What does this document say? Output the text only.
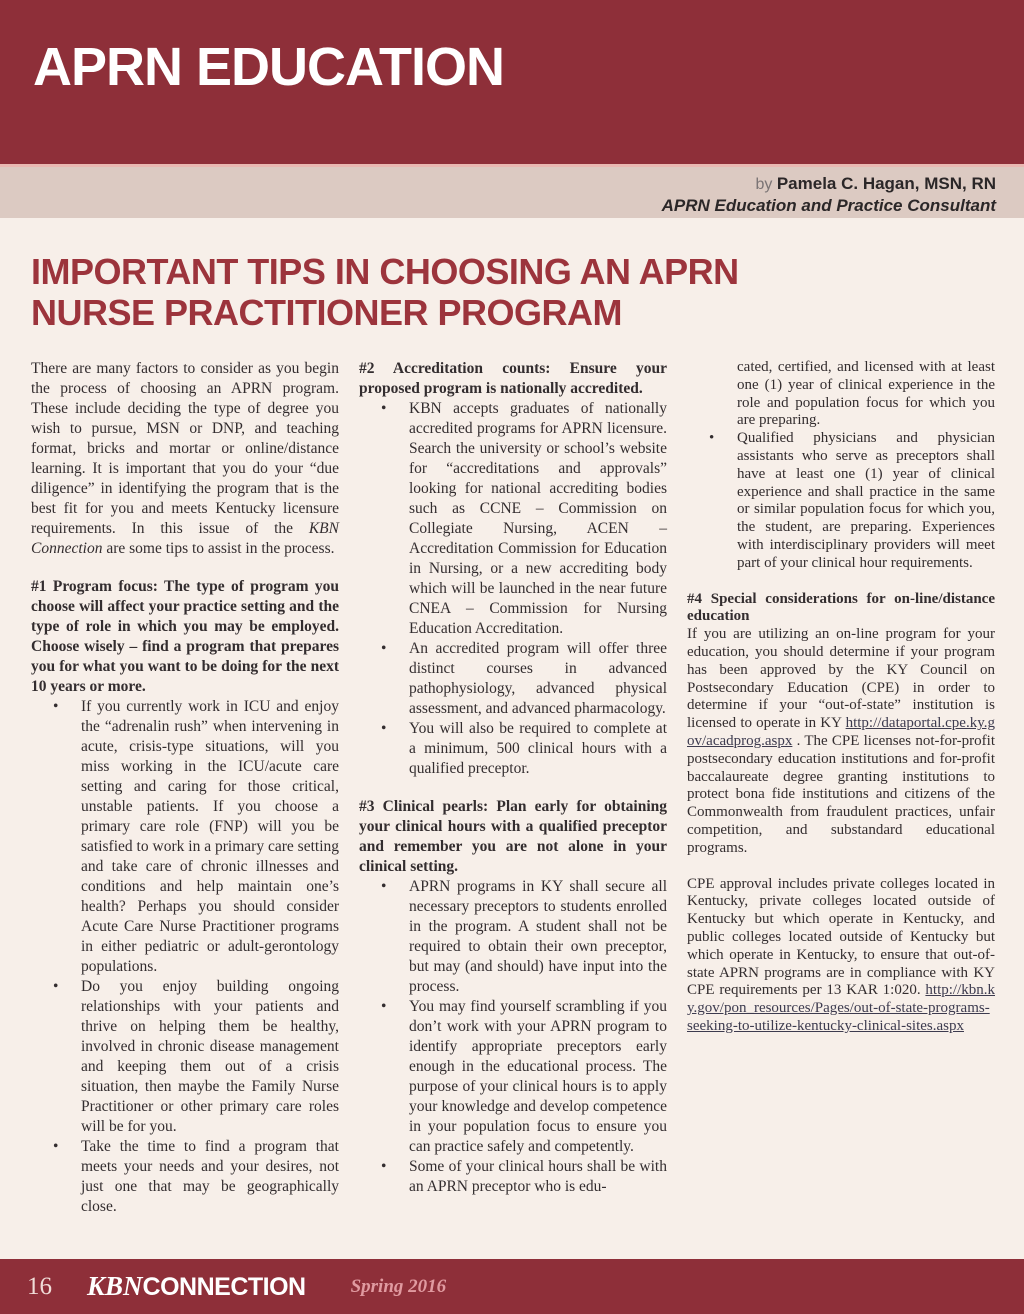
APRN EDUCATION
by Pamela C. Hagan, MSN, RN
APRN Education and Practice Consultant
IMPORTANT TIPS IN CHOOSING AN APRN NURSE PRACTITIONER PROGRAM

There are many factors to consider as you begin the process of choosing an APRN program. These include deciding the type of degree you wish to pursue, MSN or DNP, and teaching format, bricks and mortar or online/distance learning. It is important that you do your “due diligence” in identifying the program that is the best fit for you and meets Kentucky licensure requirements. In this issue of the KBN Connection are some tips to assist in the process.

#1 Program focus: The type of program you choose will affect your practice setting and the type of role in which you may be employed. Choose wisely – find a program that prepares you for what you want to be doing for the next 10 years or more.

• If you currently work in ICU and enjoy the “adrenalin rush” when intervening in acute, crisis-type situations, will you miss working in the ICU/acute care setting and caring for those critical, unstable patients. If you choose a primary care role (FNP) will you be satisfied to work in a primary care setting and take care of chronic illnesses and conditions and help maintain one’s health? Perhaps you should consider Acute Care Nurse Practitioner programs in either pediatric or adult-gerontology populations.
• Do you enjoy building ongoing relationships with your patients and thrive on helping them be healthy, involved in chronic disease management and keeping them out of a crisis situation, then maybe the Family Nurse Practitioner or other primary care roles will be for you.
• Take the time to find a program that meets your needs and your desires, not just one that may be geographically close.

#2 Accreditation counts: Ensure your proposed program is nationally accredited.

• KBN accepts graduates of nationally accredited programs for APRN licensure. Search the university or school’s website for “accreditations and approvals” looking for national accrediting bodies such as CCNE – Commission on Collegiate Nursing, ACEN –Accreditation Commission for Education in Nursing, or a new accrediting body which will be launched in the near future CNEA – Commission for Nursing Education Accreditation.
• An accredited program will offer three distinct courses in advanced pathophysiology, advanced physical assessment, and advanced pharmacology.
• You will also be required to complete at a minimum, 500 clinical hours with a qualified preceptor.

#3 Clinical pearls: Plan early for obtaining your clinical hours with a qualified preceptor and remember you are not alone in your clinical setting.

• APRN programs in KY shall secure all necessary preceptors to students enrolled in the program. A student shall not be required to obtain their own preceptor, but may (and should) have input into the process.
• You may find yourself scrambling if you don’t work with your APRN program to identify appropriate preceptors early enough in the educational process. The purpose of your clinical hours is to apply your knowledge and develop competence in your population focus to ensure you can practice safely and competently.
• Some of your clinical hours shall be with an APRN preceptor who is edu-

cated, certified, and licensed with at least one (1) year of clinical experience in the role and population focus for which you are preparing.

• Qualified physicians and physician assistants who serve as preceptors shall have at least one (1) year of clinical experience and shall practice in the same or similar population focus for which you, the student, are preparing. Experiences with interdisciplinary providers will meet part of your clinical hour requirements.

#4 Special considerations for on-line/distance education

If you are utilizing an on-line program for your education, you should determine if your program has been approved by the KY Council on Postsecondary Education (CPE) in order to determine if your “out-of-state” institution is licensed to operate in KY http://dataportal.cpe.ky.gov/acadprog.aspx . The CPE licenses not-for-profit postsecondary education institutions and for-profit baccalaureate degree granting institutions to protect bona fide institutions and citizens of the Commonwealth from fraudulent practices, unfair competition, and substandard educational programs.

CPE approval includes private colleges located in Kentucky, private colleges located outside of Kentucky but which operate in Kentucky, and public colleges located outside of Kentucky but which operate in Kentucky, to ensure that out-of-state APRN programs are in compliance with KY CPE requirements per 13 KAR 1:020. http://kbn.ky.gov/pon_resources/Pages/out-of-state-programs-seeking-to-utilize-kentucky-clinical-sites.aspx

16 KBNCONNECTION Spring 2016
